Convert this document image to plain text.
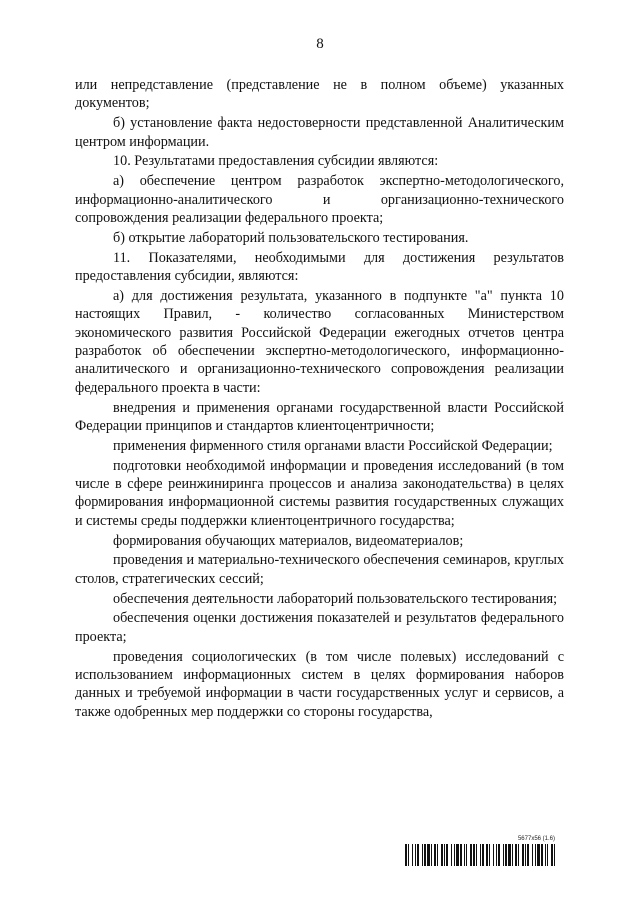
8

или непредставление (представление не в полном объеме) указанных документов;

б) установление факта недостоверности представленной Аналитическим центром информации.

10. Результатами предоставления субсидии являются:

а) обеспечение центром разработок экспертно-методологического, информационно-аналитического и организационно-технического сопровождения реализации федерального проекта;

б) открытие лабораторий пользовательского тестирования.

11. Показателями, необходимыми для достижения результатов предоставления субсидии, являются:

а) для достижения результата, указанного в подпункте "а" пункта 10 настоящих Правил, - количество согласованных Министерством экономического развития Российской Федерации ежегодных отчетов центра разработок об обеспечении экспертно-методологического, информационно-аналитического и организационно-технического сопровождения реализации федерального проекта в части:

внедрения и применения органами государственной власти Российской Федерации принципов и стандартов клиентоцентричности;

применения фирменного стиля органами власти Российской Федерации;

подготовки необходимой информации и проведения исследований (в том числе в сфере реинжиниринга процессов и анализа законодательства) в целях формирования информационной системы развития государственных служащих и системы среды поддержки клиентоцентричного государства;

формирования обучающих материалов, видеоматериалов;

проведения и материально-технического обеспечения семинаров, круглых столов, стратегических сессий;

обеспечения деятельности лабораторий пользовательского тестирования;

обеспечения оценки достижения показателей и результатов федерального проекта;

проведения социологических (в том числе полевых) исследований с использованием информационных систем в целях формирования наборов данных и требуемой информации в части государственных услуг и сервисов, а также одобренных мер поддержки со стороны государства,

5677х56 (1.6)
